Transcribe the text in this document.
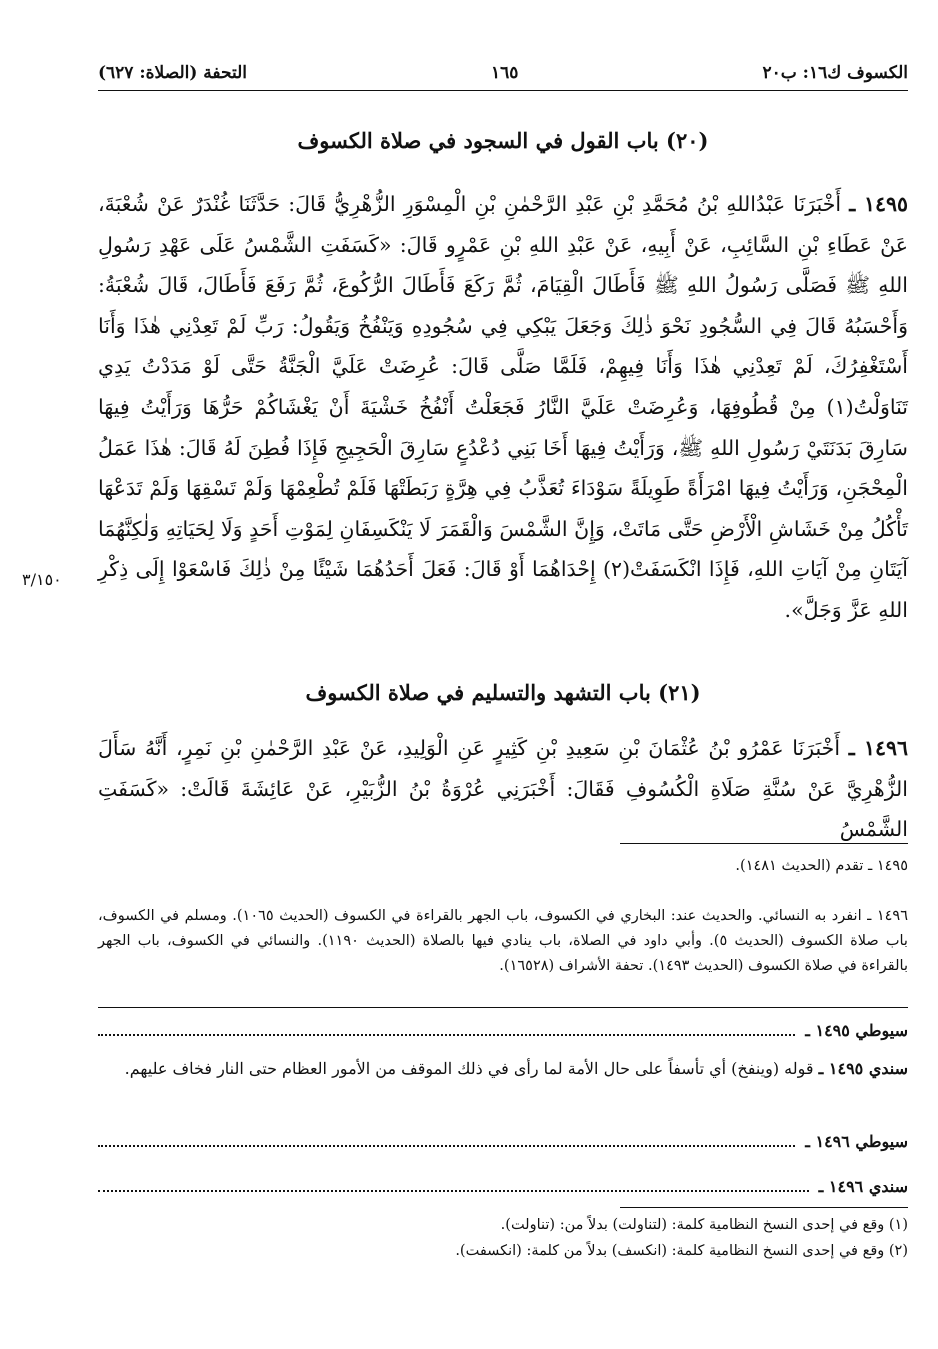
الكسوف ك١٦: ب٢٠
١٦٥
التحفة (الصلاة: ٦٢٧)
(٢٠) باب القول في السجود في صلاة الكسوف
١٤٩٥ ـ أَخْبَرَنَا عَبْدُاللهِ بْنُ مُحَمَّدِ بْنِ عَبْدِ الرَّحْمٰنِ بْنِ الْمِسْوَرِ الزُّهْرِيُّ قَالَ: حَدَّثَنَا غُنْدَرٌ عَنْ شُعْبَةَ، عَنْ عَطَاءِ بْنِ السَّائِبِ، عَنْ أَبِيهِ، عَنْ عَبْدِ اللهِ بْنِ عَمْرٍو قَالَ: «كَسَفَتِ الشَّمْسُ عَلَى عَهْدِ رَسُولِ اللهِ ﷺ فَصَلَّى رَسُولُ اللهِ ﷺ فَأَطَالَ الْقِيَامَ، ثُمَّ رَكَعَ فَأَطَالَ الرُّكُوعَ، ثُمَّ رَفَعَ فَأَطَالَ، قَالَ شُعْبَةُ: وَأَحْسَبُهُ قَالَ فِي السُّجُودِ نَحْوَ ذٰلِكَ وَجَعَلَ يَبْكِي فِي سُجُودِهِ وَيَنْفُخُ وَيَقُولُ: رَبِّ لَمْ تَعِدْنِي هٰذَا وَأَنَا أَسْتَغْفِرُكَ، لَمْ تَعِدْنِي هٰذَا وَأَنَا فِيهِمْ، فَلَمَّا صَلَّى قَالَ: عُرِضَتْ عَلَيَّ الْجَنَّةُ حَتَّى لَوْ مَدَدْتُ يَدِي تَنَاوَلْتُ(١) مِنْ قُطُوفِهَا، وَعُرِضَتْ عَلَيَّ النَّارُ فَجَعَلْتُ أَنْفُخُ خَشْيَةَ أَنْ يَغْشَاكُمْ حَرُّهَا وَرَأَيْتُ فِيهَا سَارِقَ بَدَنَتَيْ رَسُولِ اللهِ ﷺ، وَرَأَيْتُ فِيهَا أَخَا بَنِي دُعْدُعٍ سَارِقَ الْحَجِيجِ فَإِذَا فُطِنَ لَهُ قَالَ: هٰذَا عَمَلُ الْمِحْجَنِ، وَرَأَيْتُ فِيهَا امْرَأَةً طَوِيلَةً سَوْدَاءَ تُعَذَّبُ فِي هِرَّةٍ رَبَطَتْهَا فَلَمْ تُطْعِمْهَا وَلَمْ تَسْقِهَا وَلَمْ تَدَعْهَا تَأْكُلُ مِنْ خَشَاشِ الْأَرْضِ حَتَّى مَاتَتْ، وَإِنَّ الشَّمْسَ وَالْقَمَرَ لَا يَنْكَسِفَانِ لِمَوْتِ أَحَدٍ وَلَا لِحَيَاتِهِ وَلٰكِنَّهُمَا آيَتَانِ مِنْ آيَاتِ اللهِ، فَإِذَا انْكَسَفَتْ(٢) إِحْدَاهُمَا أَوْ قَالَ: فَعَلَ أَحَدُهُمَا شَيْئًا مِنْ ذٰلِكَ فَاسْعَوْا إِلَى ذِكْرِ اللهِ عَزَّ وَجَلَّ».
٣/١٥٠
(٢١) باب التشهد والتسليم في صلاة الكسوف
١٤٩٦ ـ أَخْبَرَنَا عَمْرُو بْنُ عُثْمَانَ بْنِ سَعِيدِ بْنِ كَثِيرٍ عَنِ الْوَلِيدِ، عَنْ عَبْدِ الرَّحْمٰنِ بْنِ نَمِرٍ، أَنَّهُ سَأَلَ الزُّهْرِيَّ عَنْ سُنَّةِ صَلَاةِ الْكُسُوفِ فَقَالَ: أَخْبَرَنِي عُرْوَةُ بْنُ الزُّبَيْرِ، عَنْ عَائِشَةَ قَالَتْ: «كَسَفَتِ الشَّمْسُ
١٤٩٥ ـ تقدم (الحديث ١٤٨١).
١٤٩٦ ـ انفرد به النسائي. والحديث عند: البخاري في الكسوف، باب الجهر بالقراءة في الكسوف (الحديث ١٠٦٥). ومسلم في الكسوف، باب صلاة الكسوف (الحديث ٥). وأبي داود في الصلاة، باب ينادي فيها بالصلاة (الحديث ١١٩٠). والنسائي في الكسوف، باب الجهر بالقراءة في صلاة الكسوف (الحديث ١٤٩٣). تحفة الأشراف (١٦٥٢٨).
سيوطي ١٤٩٥ ـ
سندي ١٤٩٥ ـ قوله (وينفخ) أي تأسفاً على حال الأمة لما رأى في ذلك الموقف من الأمور العظام حتى النار فخاف عليهم.
سيوطي ١٤٩٦ ـ
سندي ١٤٩٦ ـ
(١) وقع في إحدى النسخ النظامية كلمة: (لتناولت) بدلاً من: (تناولت).
(٢) وقع في إحدى النسخ النظامية كلمة: (انكسف) بدلاً من كلمة: (انكسفت).
